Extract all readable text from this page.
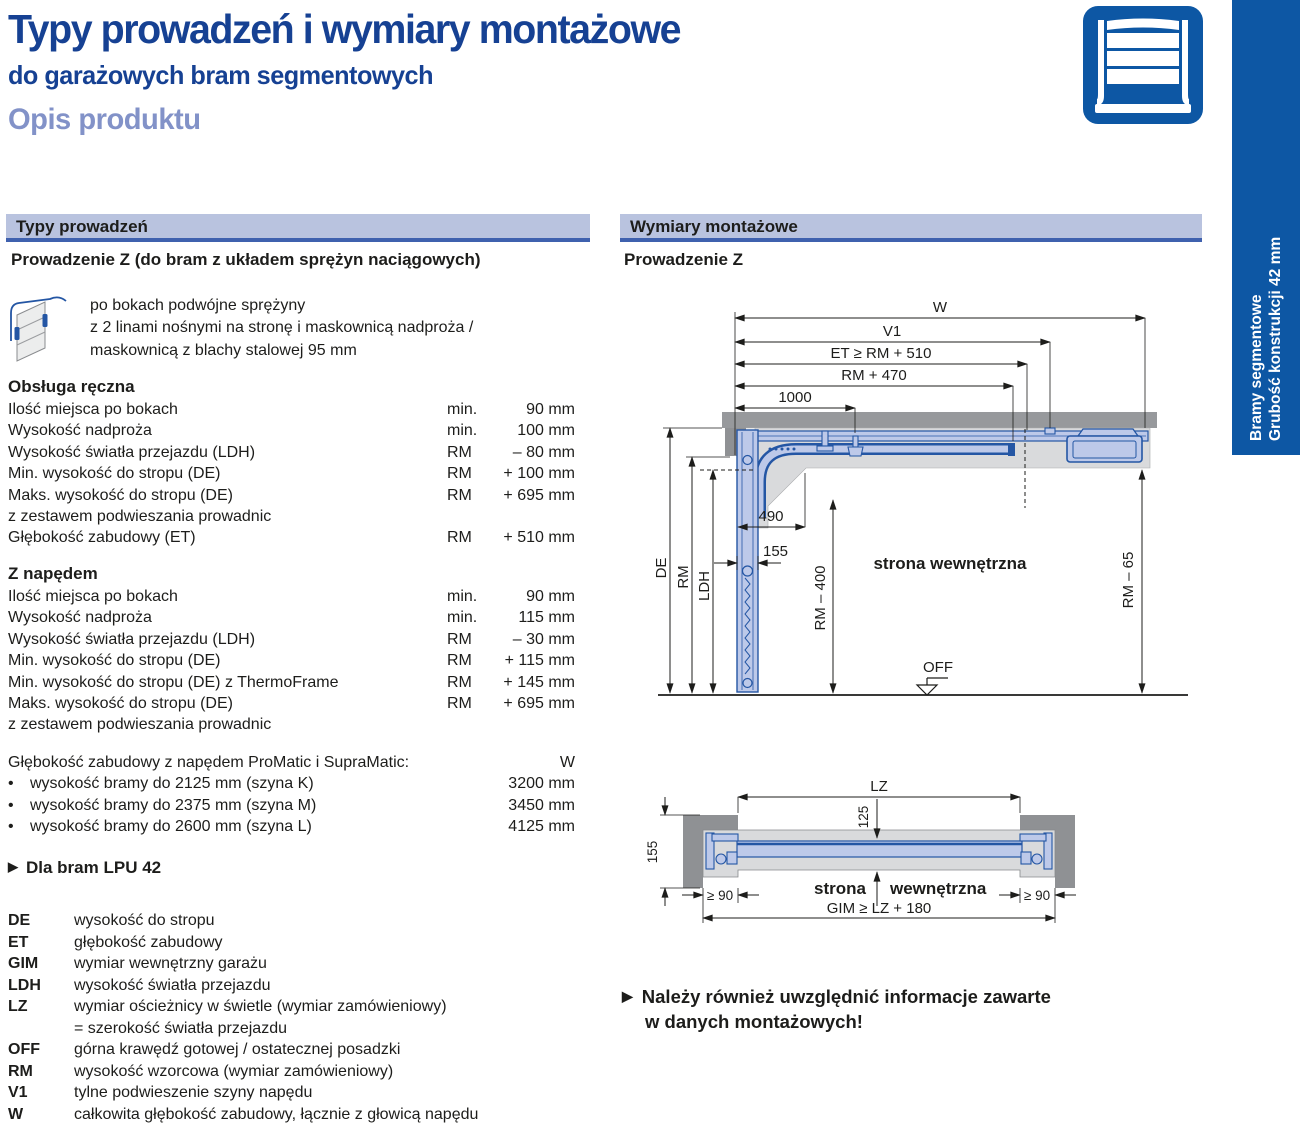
Typy prowadzeń i wymiary montażowe
do garażowych bram segmentowych
Opis produktu
Bramy segmentowe Grubość konstrukcji 42 mm
Typy prowadzeń
Prowadzenie Z (do bram z układem sprężyn naciągowych)
po bokach podwójne sprężyny
z 2 linami nośnymi na stronę i maskownicą nadproża /
maskownicą z blachy stalowej 95 mm
Obsługa ręczna
Ilość miejsca po bokach	min.	90 mm
Wysokość nadproża	min.	100 mm
Wysokość światła przejazdu (LDH)	RM	– 80 mm
Min. wysokość do stropu (DE)	RM	+ 100 mm
Maks. wysokość do stropu (DE)	RM	+ 695 mm
z zestawem podwieszania prowadnic
Głębokość zabudowy (ET)	RM	+ 510 mm
Z napędem
Ilość miejsca po bokach	min.	90 mm
Wysokość nadproża	min.	115 mm
Wysokość światła przejazdu (LDH)	RM	– 30 mm
Min. wysokość do stropu (DE)	RM	+ 115 mm
Min. wysokość do stropu (DE) z ThermoFrame	RM	+ 145 mm
Maks. wysokość do stropu (DE)	RM	+ 695 mm
z zestawem podwieszania prowadnic
Głębokość zabudowy z napędem ProMatic i SupraMatic:	W
• wysokość bramy do 2125 mm (szyna K)	3200 mm
• wysokość bramy do 2375 mm (szyna M)	3450 mm
• wysokość bramy do 2600 mm (szyna L)	4125 mm
▶ Dla bram LPU 42
DE	wysokość do stropu
ET	głębokość zabudowy
GIM	wymiar wewnętrzny garażu
LDH	wysokość światła przejazdu
LZ	wymiar ościeżnicy w świetle (wymiar zamówieniowy)
= szerokość światła przejazdu
OFF	górna krawędź gotowej / ostatecznej posadzki
RM	wysokość wzorcowa (wymiar zamówieniowy)
V1	tylne podwieszenie szyny napędu
W	całkowita głębokość zabudowy, łącznie z głowicą napędu
Wymiary montażowe
Prowadzenie Z
W
V1
ET ≥ RM + 510
RM + 470
1000
DE RM LDH
490
155
RM – 400	RM – 65
strona wewnętrzna
OFF
LZ
125
155
≥ 90	≥ 90
strona wewnętrzna
GIM ≥ LZ + 180
▶ Należy również uwzględnić informacje zawarte
w danych montażowych!
